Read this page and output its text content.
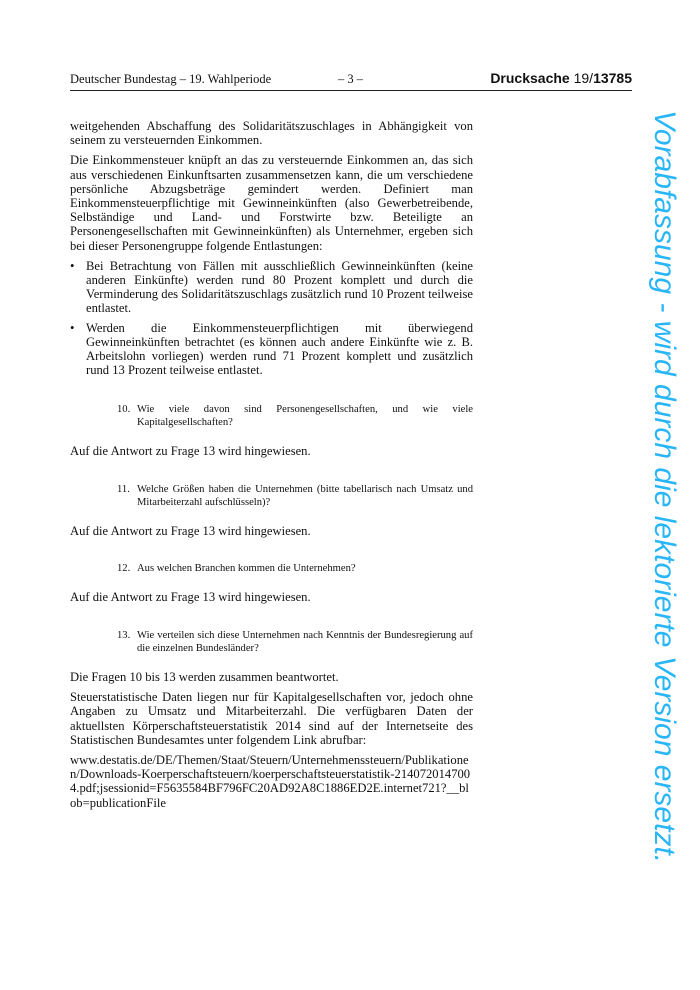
Deutscher Bundestag – 19. Wahlperiode	– 3 –	Drucksache 19/13785

weitgehenden Abschaffung des Solidaritätszuschlages in Abhängigkeit von seinem zu versteuernden Einkommen.

Die Einkommensteuer knüpft an das zu versteuernde Einkommen an, das sich aus verschiedenen Einkunftsarten zusammensetzen kann, die um verschiedene persönliche Abzugsbeträge gemindert werden. Definiert man Einkommensteuerpflichtige mit Gewinneinkünften (also Gewerbetreibende, Selbständige und Land- und Forstwirte bzw. Beteiligte an Personengesellschaften mit Gewinneinkünften) als Unternehmer, ergeben sich bei dieser Personengruppe folgende Entlastungen:

• Bei Betrachtung von Fällen mit ausschließlich Gewinneinkünften (keine anderen Einkünfte) werden rund 80 Prozent komplett und durch die Verminderung des Solidaritätszuschlags zusätzlich rund 10 Prozent teilweise entlastet.
• Werden die Einkommensteuerpflichtigen mit überwiegend Gewinneinkünften betrachtet (es können auch andere Einkünfte wie z. B. Arbeitslohn vorliegen) werden rund 71 Prozent komplett und zusätzlich rund 13 Prozent teilweise entlastet.
10. Wie viele davon sind Personengesellschaften, und wie viele Kapitalgesellschaften?

Auf die Antwort zu Frage 13 wird hingewiesen.

11. Welche Größen haben die Unternehmen (bitte tabellarisch nach Umsatz und Mitarbeiterzahl aufschlüsseln)?

Auf die Antwort zu Frage 13 wird hingewiesen.

12. Aus welchen Branchen kommen die Unternehmen?

Auf die Antwort zu Frage 13 wird hingewiesen.

13. Wie verteilen sich diese Unternehmen nach Kenntnis der Bundesregierung auf die einzelnen Bundesländer?

Die Fragen 10 bis 13 werden zusammen beantwortet.

Steuerstatistische Daten liegen nur für Kapitalgesellschaften vor, jedoch ohne Angaben zu Umsatz und Mitarbeiterzahl. Die verfügbaren Daten der aktuellsten Körperschaftsteuerstatistik 2014 sind auf der Internetseite des Statistischen Bundesamtes unter folgendem Link abrufbar:

www.destatis.de/DE/Themen/Staat/Steuern/Unternehmenssteuern/Publikationen/Downloads-Koerperschaftsteuern/koerperschaftsteuerstatistik-2140720147004.pdf;jsessionid=F5635584BF796FC20AD92A8C1886ED2E.internet721?__blob=publicationFile	Vorabfassung - wird durch die lektorierte Version ersetzt.
